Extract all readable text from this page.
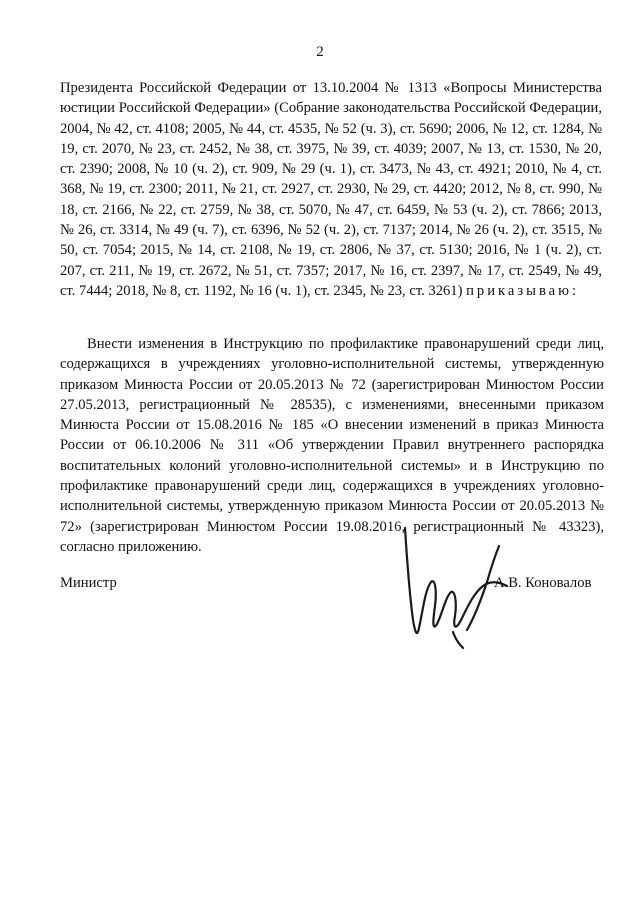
2

Президента Российской Федерации от 13.10.2004 № 1313 «Вопросы Министерства юстиции Российской Федерации» (Собрание законодательства Российской Федерации, 2004, № 42, ст. 4108; 2005, № 44, ст. 4535, № 52 (ч. 3), ст. 5690; 2006, № 12, ст. 1284, № 19, ст. 2070, № 23, ст. 2452, № 38, ст. 3975, № 39, ст. 4039; 2007, № 13, ст. 1530, № 20, ст. 2390; 2008, № 10 (ч. 2), ст. 909, № 29 (ч. 1), ст. 3473, № 43, ст. 4921; 2010, № 4, ст. 368, № 19, ст. 2300; 2011, № 21, ст. 2927, ст. 2930, № 29, ст. 4420; 2012, № 8, ст. 990, № 18, ст. 2166, № 22, ст. 2759, № 38, ст. 5070, № 47, ст. 6459, № 53 (ч. 2), ст. 7866; 2013, № 26, ст. 3314, № 49 (ч. 7), ст. 6396, № 52 (ч. 2), ст. 7137; 2014, № 26 (ч. 2), ст. 3515, № 50, ст. 7054; 2015, № 14, ст. 2108, № 19, ст. 2806, № 37, ст. 5130; 2016, № 1 (ч. 2), ст. 207, ст. 211, № 19, ст. 2672, № 51, ст. 7357; 2017, № 16, ст. 2397, № 17, ст. 2549, № 49, ст. 7444; 2018, № 8, ст. 1192, № 16 (ч. 1), ст. 2345, № 23, ст. 3261) приказываю:

Внести изменения в Инструкцию по профилактике правонарушений среди лиц, содержащихся в учреждениях уголовно-исполнительной системы, утвержденную приказом Минюста России от 20.05.2013 № 72 (зарегистрирован Минюстом России 27.05.2013, регистрационный № 28535), с изменениями, внесенными приказом Минюста России от 15.08.2016 № 185 «О внесении изменений в приказ Минюста России от 06.10.2006 № 311 «Об утверждении Правил внутреннего распорядка воспитательных колоний уголовно-исполнительной системы» и в Инструкцию по профилактике правонарушений среди лиц, содержащихся в учреждениях уголовно-исполнительной системы, утвержденную приказом Минюста России от 20.05.2013 № 72» (зарегистрирован Минюстом России 19.08.2016, регистрационный № 43323), согласно приложению.

Министр	А.В. Коновалов
